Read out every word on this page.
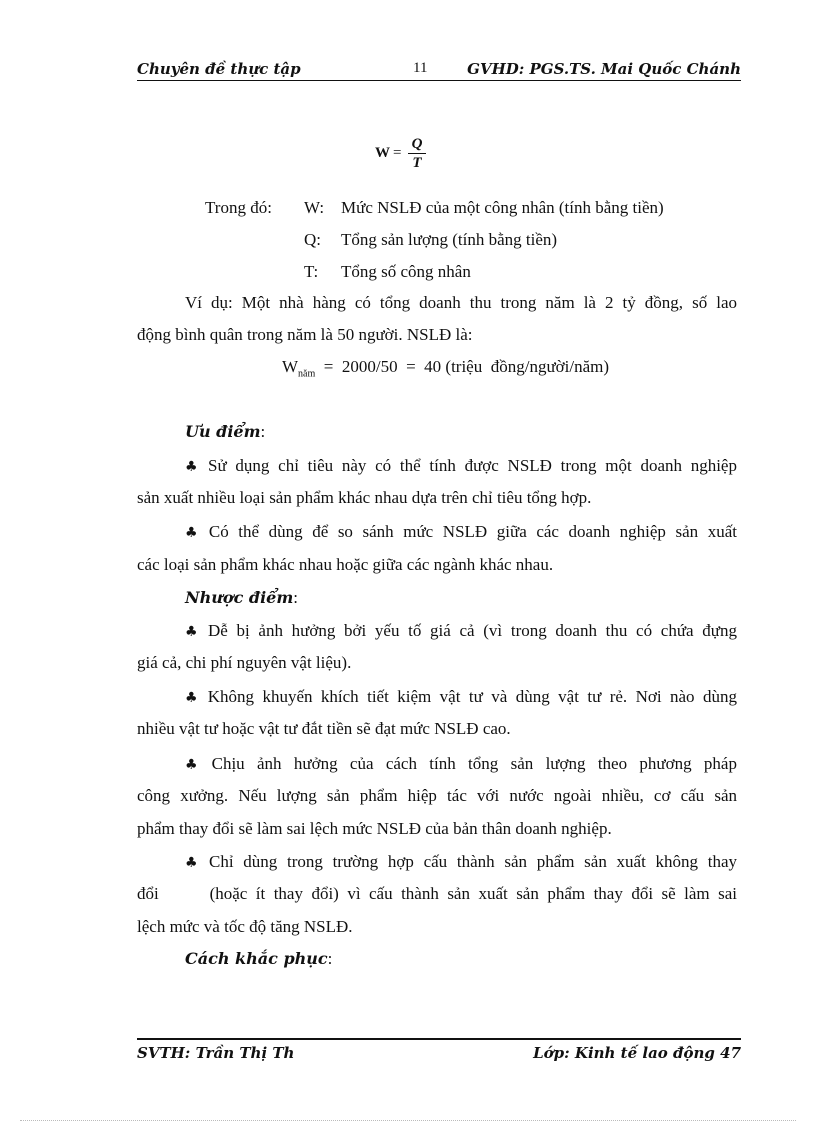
Chuyên đề thực tập	11	GVHD: PGS.TS. Mai Quốc Chánh
W =
Q
T
Trong đó: W: Mức NSLĐ của một công nhân (tính bằng tiền)
Q: Tổng sản lượng (tính bằng tiền)
T: Tổng số công nhân
Ví dụ: Một nhà hàng có tổng doanh thu trong năm là 2 tỷ đồng, số lao
động bình quân trong năm là 50 người. NSLĐ là:
$W_{năm} = 2000/50 = 40$ (triệu  đồng/người/năm)
Ưu điểm:
♣ Sử dụng chỉ tiêu này có thể tính được NSLĐ trong một doanh nghiệp
sản xuất nhiều loại sản phẩm khác nhau dựa trên chỉ tiêu tổng hợp.
♣ Có thể dùng để so sánh mức NSLĐ giữa các doanh nghiệp sản xuất
các loại sản phẩm khác nhau hoặc giữa các ngành khác nhau.
Nhược điểm:
♣ Dễ bị ảnh hưởng bởi yếu tố giá cả (vì trong doanh thu có chứa đựng
giá cả, chi phí nguyên vật liệu).
♣ Không khuyến khích tiết kiệm vật tư và dùng vật tư rẻ. Nơi nào dùng
nhiều vật tư hoặc vật tư đắt tiền sẽ đạt mức NSLĐ cao.
♣ Chịu ảnh hưởng của cách tính tổng sản lượng theo phương pháp
công xưởng. Nếu lượng sản phẩm hiệp tác với nước ngoài nhiều, cơ cấu sản
phẩm thay đổi sẽ làm sai lệch mức NSLĐ của bản thân doanh nghiệp.
♣ Chỉ dùng trong trường hợp cấu thành sản phẩm sản xuất không thay
đổi      (hoặc ít thay đổi) vì cấu thành sản xuất sản phẩm thay đổi sẽ làm sai
lệch mức và tốc độ tăng NSLĐ.
Cách khắc phục:
SVTH: Trần Thị Th	Lớp: Kinh tế lao động 47
